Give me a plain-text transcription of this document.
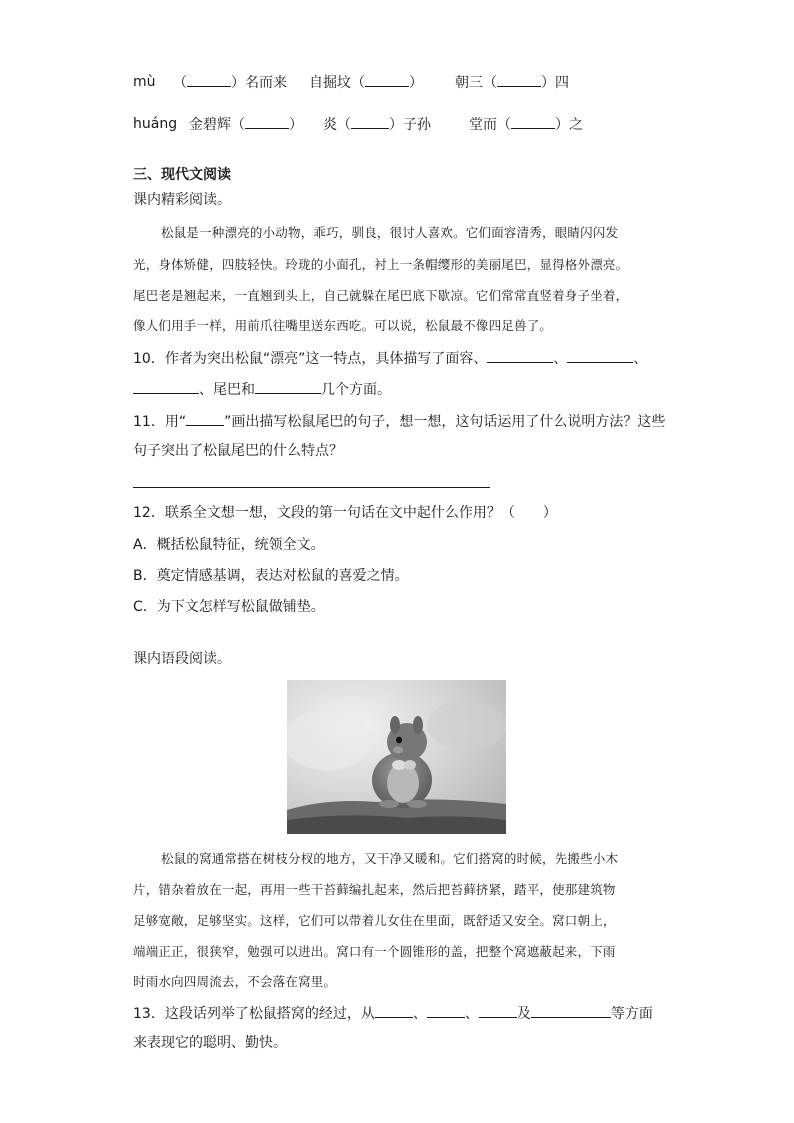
mù （	）名而来 自掘坟（	） 朝三（	）四
huáng 金碧辉（	） 炎（	）子孙	堂而（	）之
三、现代文阅读
课内精彩阅读。
松鼠是一种漂亮的小动物，乖巧，驯良，很讨人喜欢。它们面容清秀，眼睛闪闪发
光，身体矫健，四肢轻快。玲珑的小面孔，衬上一条帽缨形的美丽尾巴，显得格外漂亮。
尾巴老是翘起来，一直翘到头上，自己就躲在尾巴底下歇凉。它们常常直竖着身子坐着，
像人们用手一样，用前爪往嘴里送东西吃。可以说，松鼠最不像四足兽了。
10．作者为突出松鼠“漂亮”这一特点，具体描写了面容、	、	、
、尾巴和	几个方面。
11．用“	”画出描写松鼠尾巴的句子，想一想，这句话运用了什么说明方法？这些
句子突出了松鼠尾巴的什么特点？
12．联系全文想一想，文段的第一句话在文中起什么作用？（　　）
A．概括松鼠特征，统领全文。
B．奠定情感基调，表达对松鼠的喜爱之情。
C．为下文怎样写松鼠做铺垫。
课内语段阅读。
松鼠的窝通常搭在树枝分杈的地方，又干净又暖和。它们搭窝的时候，先搬些小木
片，错杂着放在一起，再用一些干苔藓编扎起来，然后把苔藓挤紧，踏平，使那建筑物
足够宽敞，足够坚实。这样，它们可以带着儿女住在里面，既舒适又安全。窝口朝上，
端端正正，很狭窄，勉强可以进出。窝口有一个圆锥形的盖，把整个窝遮蔽起来，下雨
时雨水向四周流去，不会落在窝里。
13．这段话列举了松鼠搭窝的经过，从	、	、	及	等方面
来表现它的聪明、勤快。
